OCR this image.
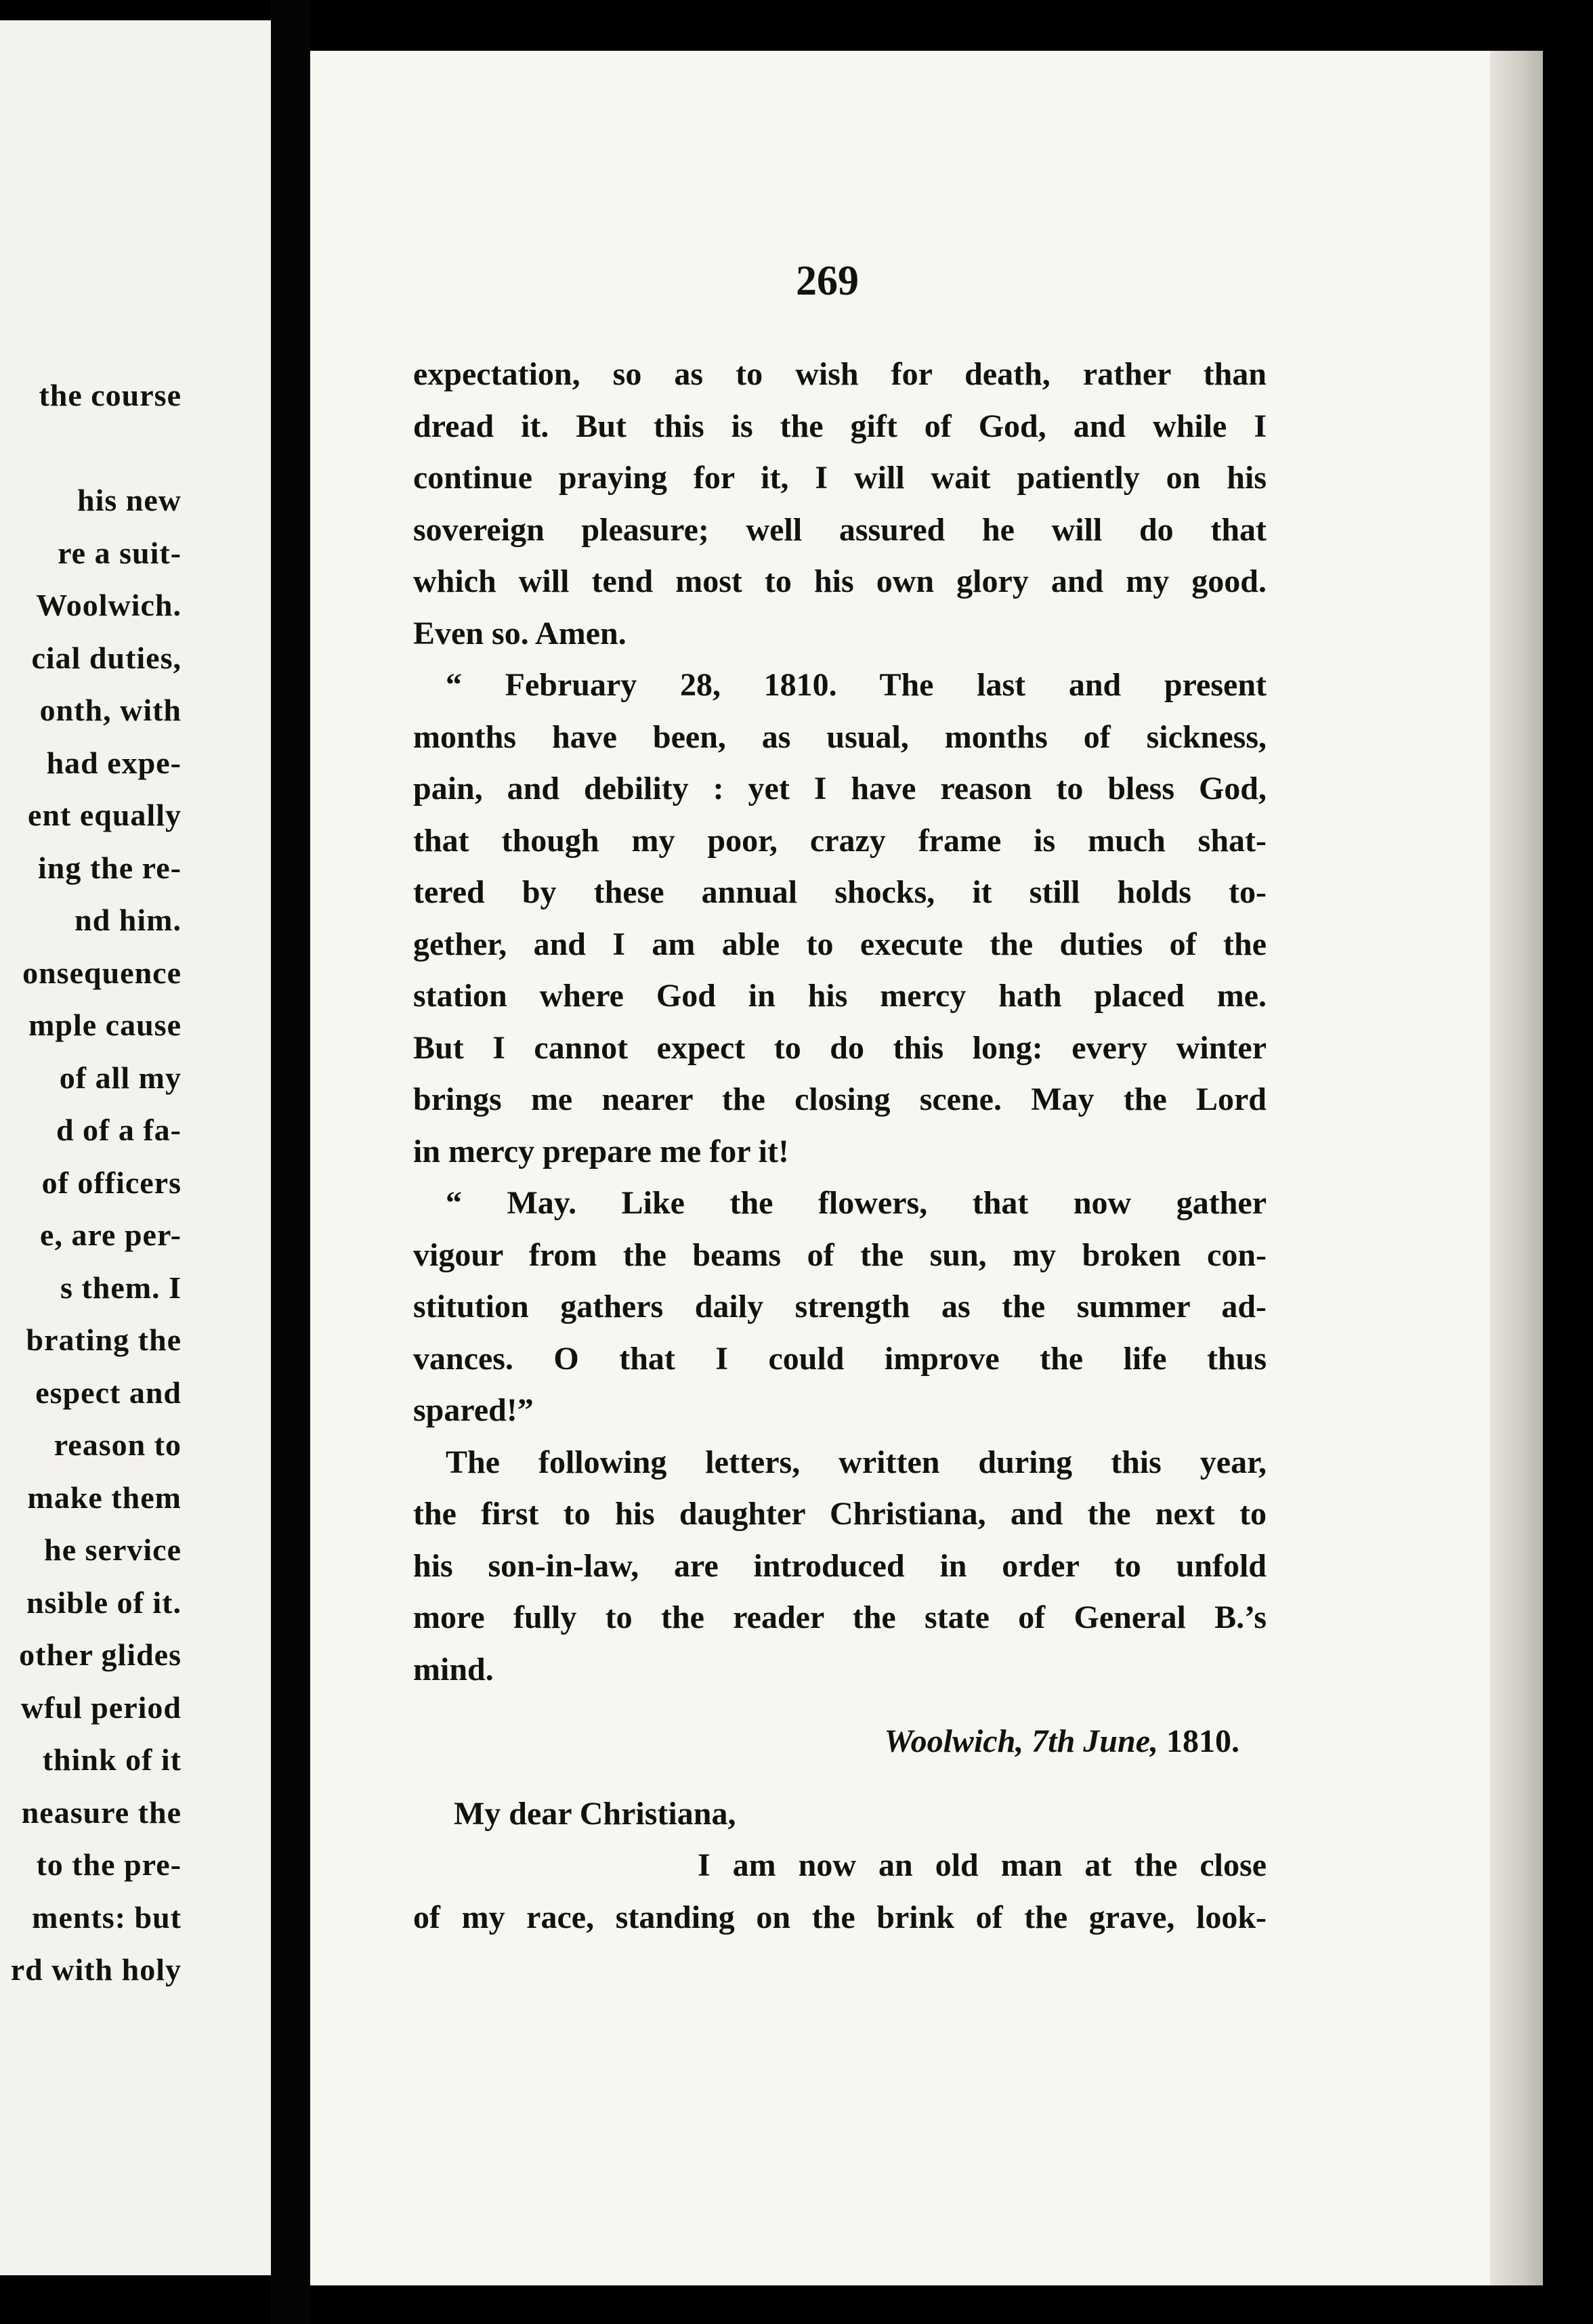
the course
his new
re a suit-
Woolwich.
cial duties,
onth, with
had expe-
ent equally
ing the re-
nd him.
onsequence
mple cause
of all my
d of a fa-
of officers
e, are per-
s them. I
brating the
espect and
reason to
make them
he service
nsible of it.
other glides
wful period
think of it
neasure the
to the pre-
ments: but
rd with holy
269
expectation, so as to wish for death, rather than
dread it. But this is the gift of God, and while I
continue praying for it, I will wait patiently on his
sovereign pleasure; well assured he will do that
which will tend most to his own glory and my good.
Even so. Amen.
“ February 28, 1810. The last and present
months have been, as usual, months of sickness,
pain, and debility : yet I have reason to bless God,
that though my poor, crazy frame is much shat-
tered by these annual shocks, it still holds to-
gether, and I am able to execute the duties of the
station where God in his mercy hath placed me.
But I cannot expect to do this long: every winter
brings me nearer the closing scene. May the Lord
in mercy prepare me for it!
“ May. Like the flowers, that now gather
vigour from the beams of the sun, my broken con-
stitution gathers daily strength as the summer ad-
vances. O that I could improve the life thus
spared!”
The following letters, written during this year,
the first to his daughter Christiana, and the next to
his son-in-law, are introduced in order to unfold
more fully to the reader the state of General B.’s
mind.
Woolwich, 7th June, 1810.
My dear Christiana,
I am now an old man at the close
of my race, standing on the brink of the grave, look-
